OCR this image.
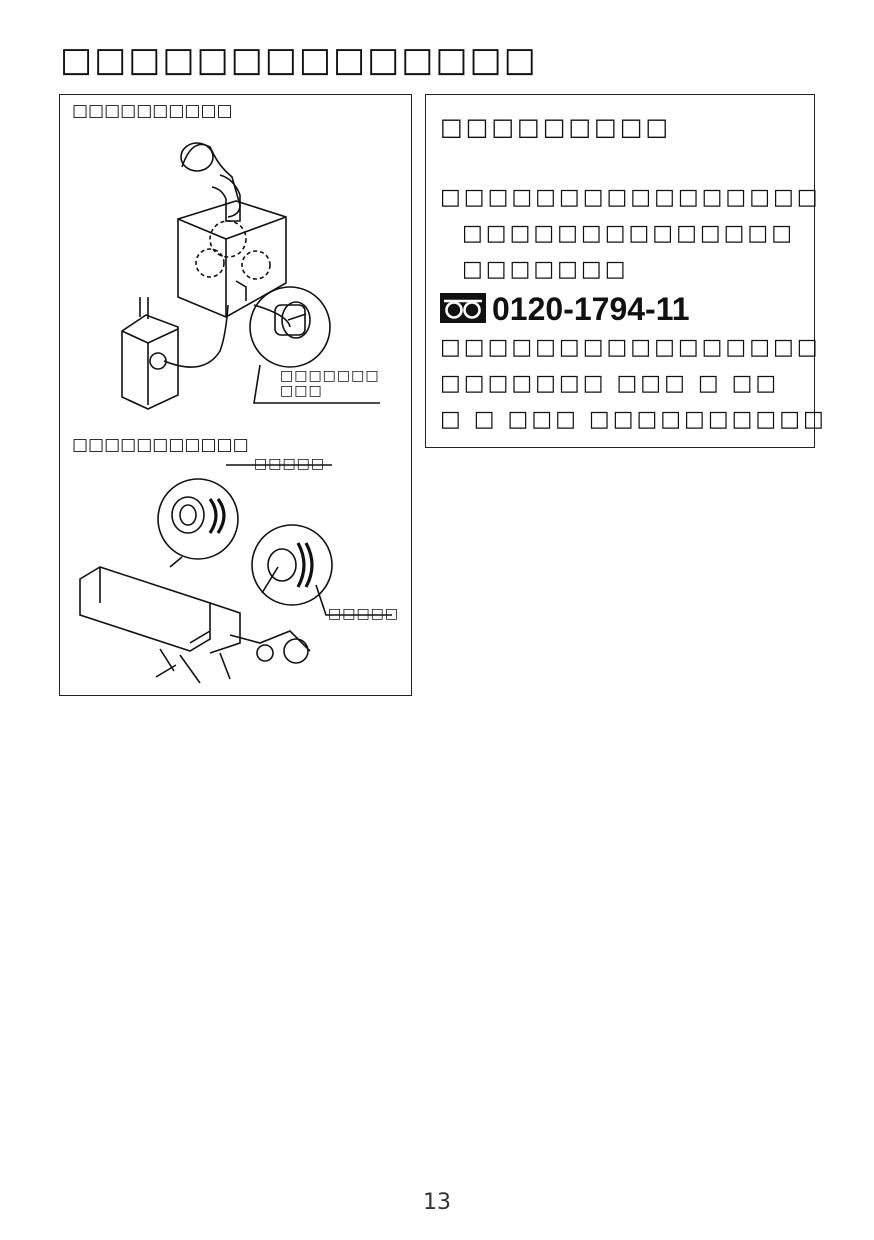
□□□□□□□□□□□□□□
□□□□□□□□□□
□□□□□□□
□□□
□□□□□□□□□□□
□□□□□
□□□□□
□□□□□□□□□
□□□□□□□□□□□□□□□□
□□□□□□□□□□□□□□
□□□□□□□
0120-1794-11
□□□□□□□□□□□□□□□□
□□□□□□□ □□□ □ □□
□ □ □□□ □□□□□□□□□□
13
